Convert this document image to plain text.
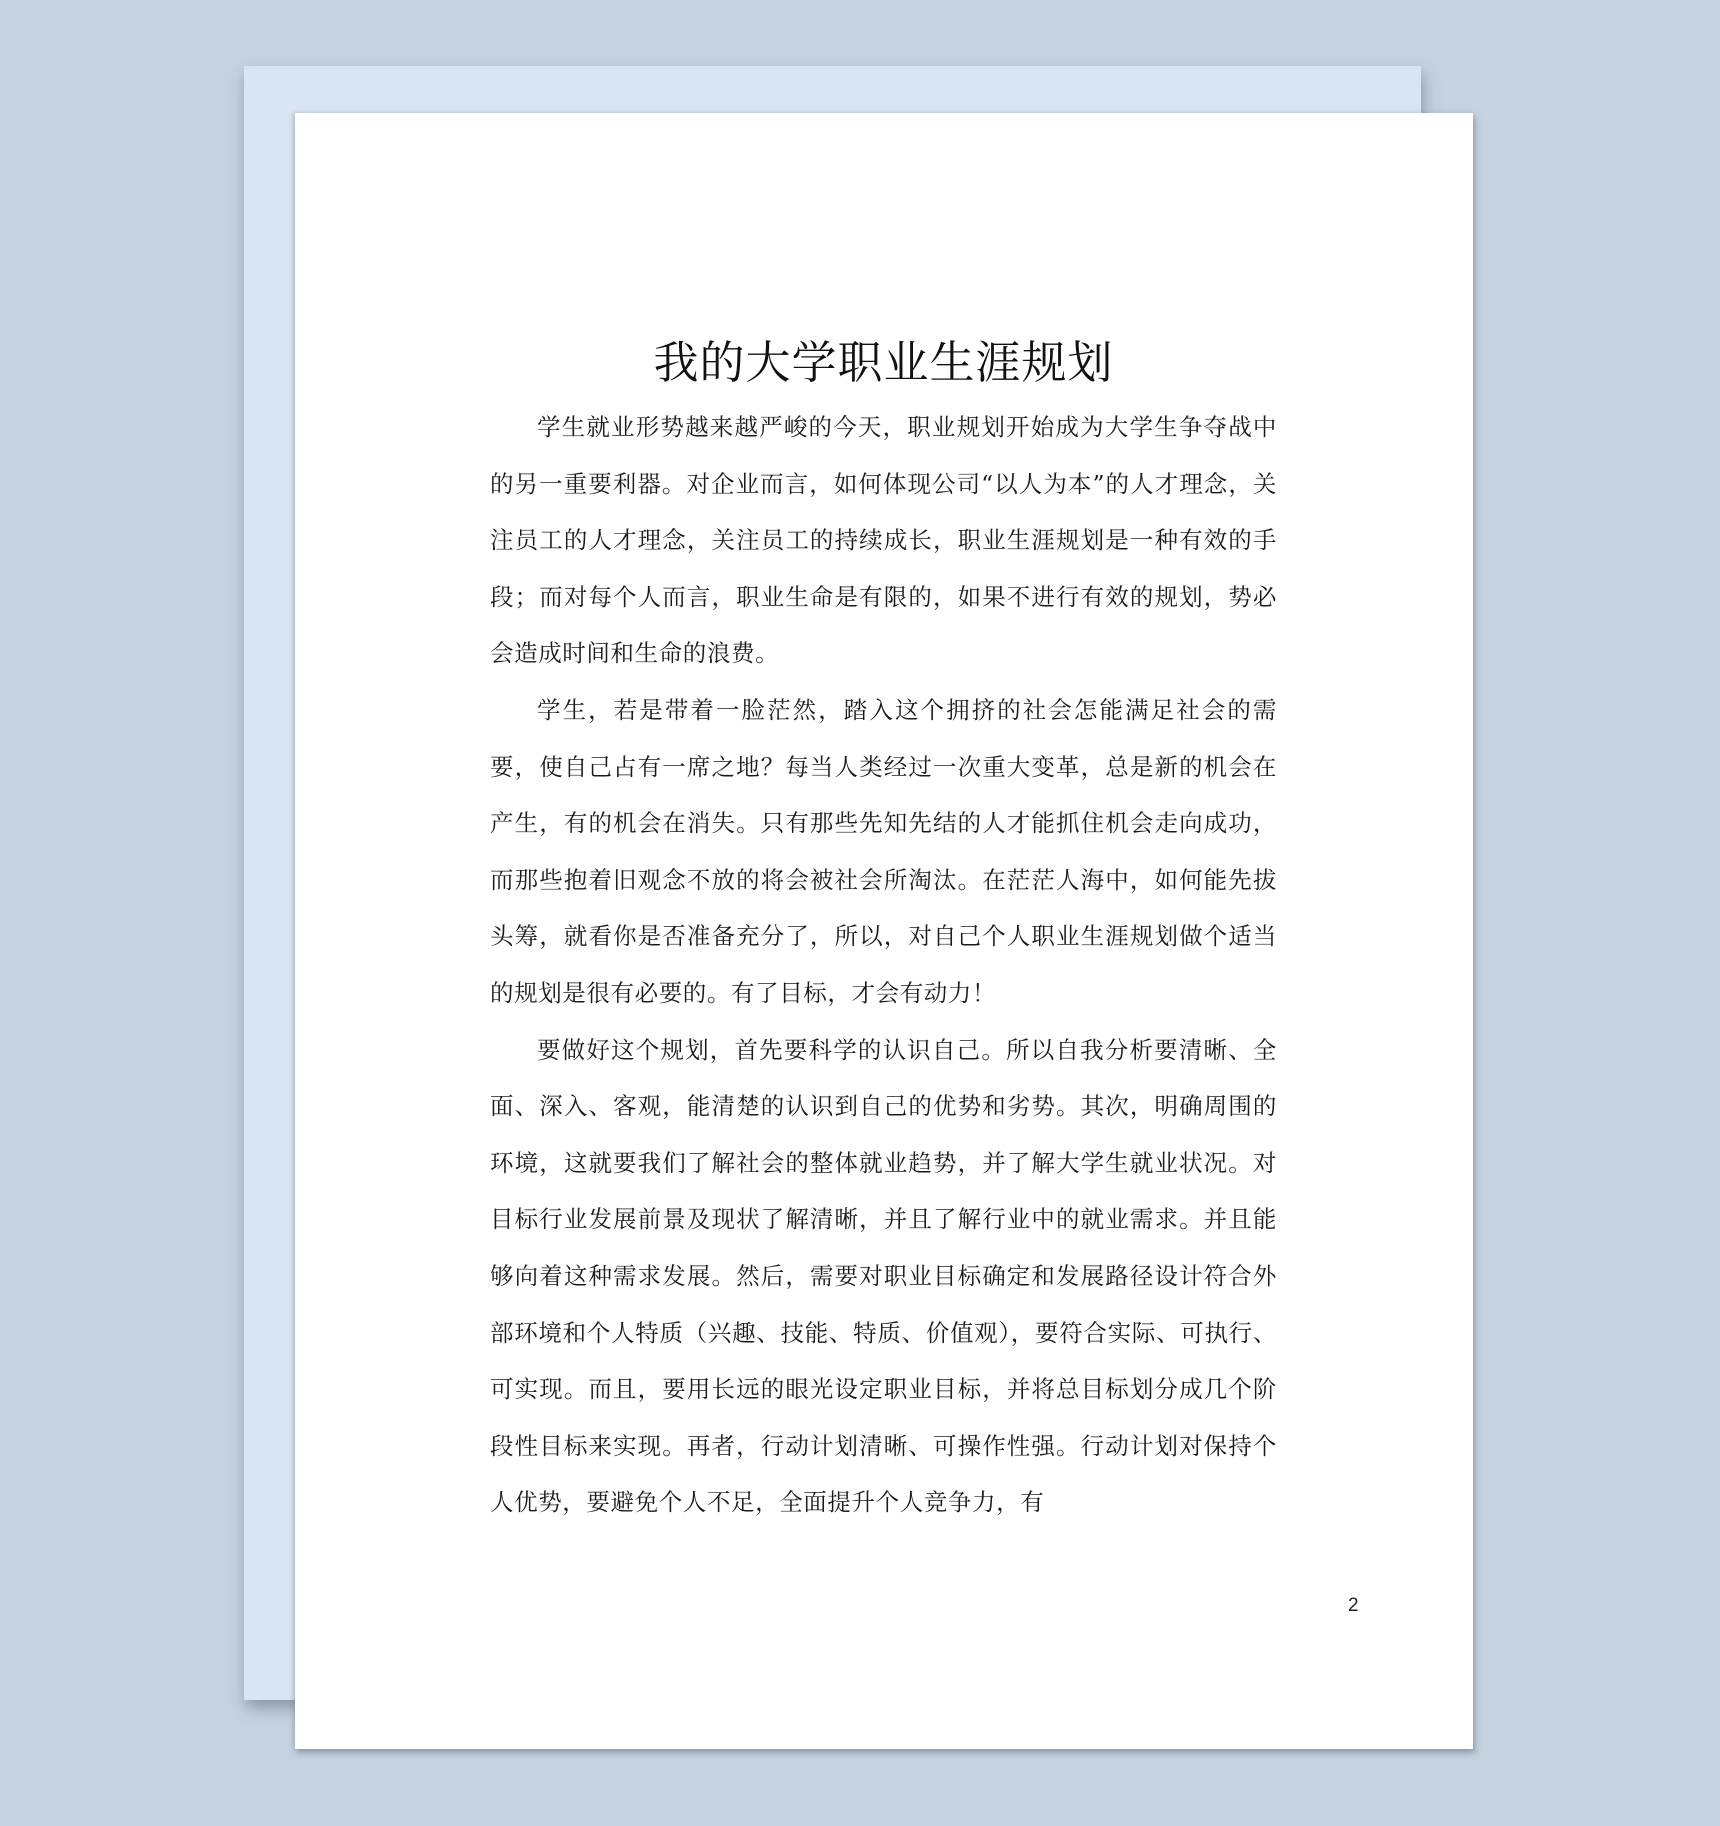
我的大学职业生涯规划

学生就业形势越来越严峻的今天，职业规划开始成为大学生争夺战中的另一重要利器。对企业而言，如何体现公司“以人为本”的人才理念，关注员工的人才理念，关注员工的持续成长，职业生涯规划是一种有效的手段；而对每个人而言，职业生命是有限的，如果不进行有效的规划，势必会造成时间和生命的浪费。

学生，若是带着一脸茫然，踏入这个拥挤的社会怎能满足社会的需要，使自己占有一席之地？每当人类经过一次重大变革，总是新的机会在产生，有的机会在消失。只有那些先知先结的人才能抓住机会走向成功，而那些抱着旧观念不放的将会被社会所淘汰。在茫茫人海中，如何能先拔头筹，就看你是否准备充分了，所以，对自己个人职业生涯规划做个适当的规划是很有必要的。有了目标，才会有动力！

要做好这个规划，首先要科学的认识自己。所以自我分析要清晰、全面、深入、客观，能清楚的认识到自己的优势和劣势。其次，明确周围的环境，这就要我们了解社会的整体就业趋势，并了解大学生就业状况。对目标行业发展前景及现状了解清晰，并且了解行业中的就业需求。并且能够向着这种需求发展。然后，需要对职业目标确定和发展路径设计符合外部环境和个人特质（兴趣、技能、特质、价值观），要符合实际、可执行、可实现。而且，要用长远的眼光设定职业目标，并将总目标划分成几个阶段性目标来实现。再者，行动计划清晰、可操作性强。行动计划对保持个人优势，要避免个人不足，全面提升个人竞争力，有

2
